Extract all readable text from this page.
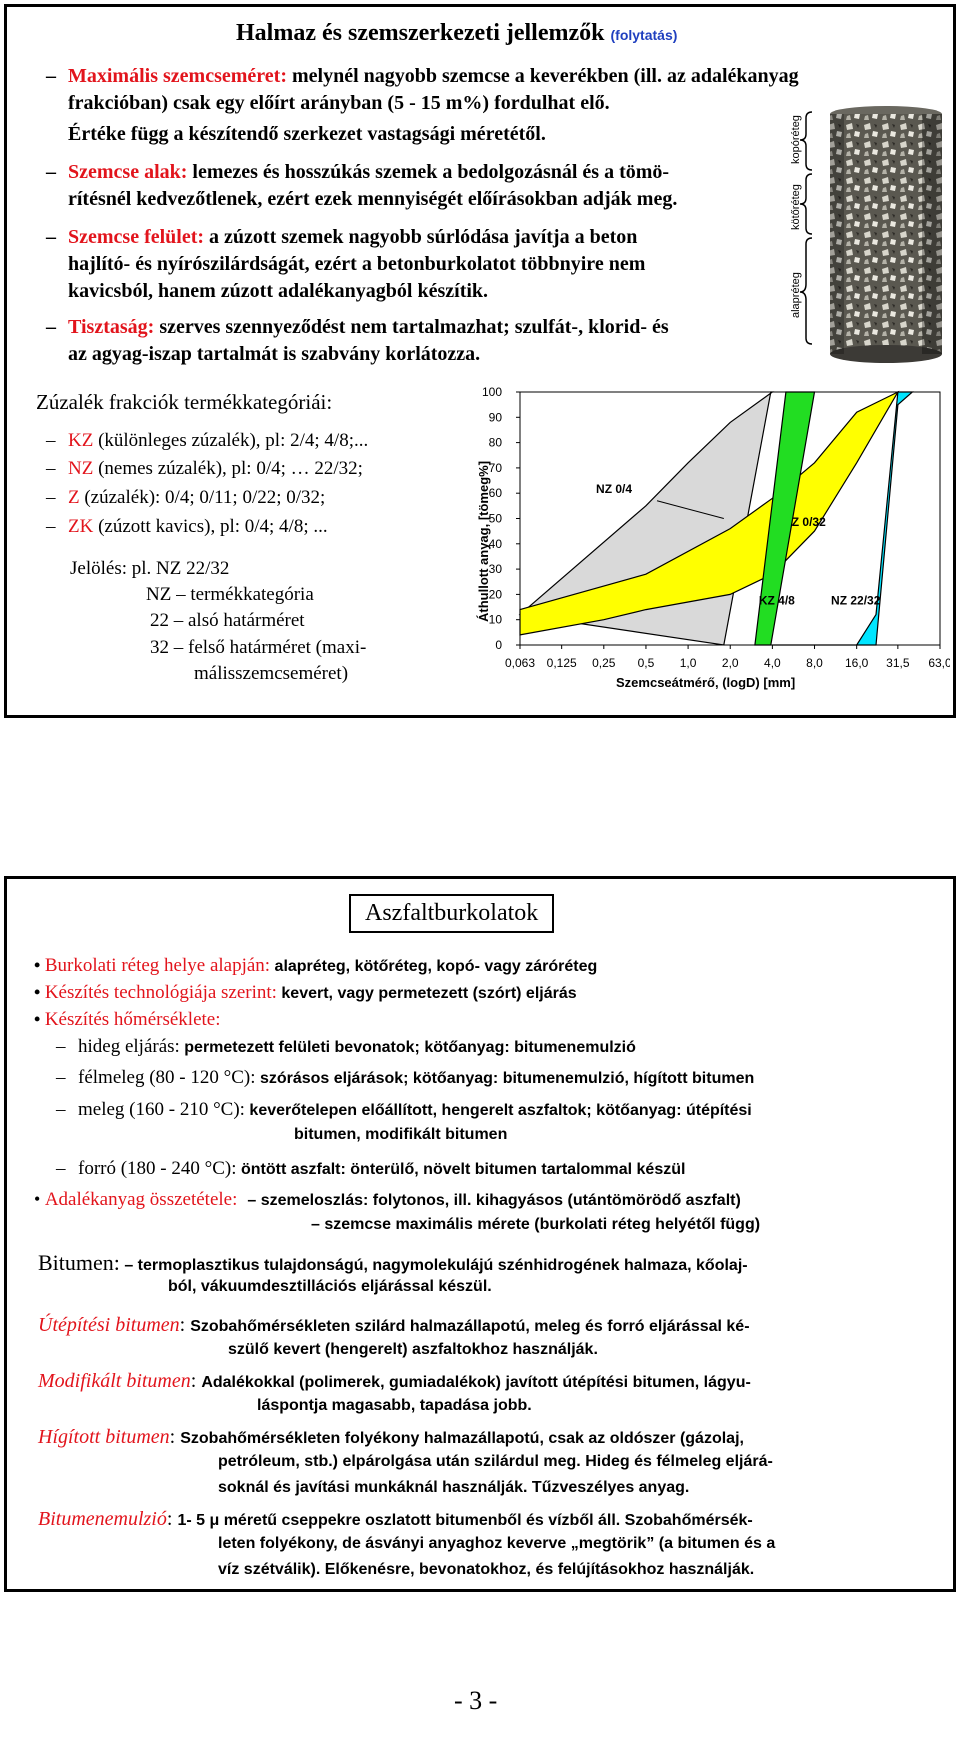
Halmaz és szemszerkezeti jellemzők (folytatás)
– Maximális szemcseméret: melynél nagyobb szemcse a keverékben (ill. az adalékanyag
frakcióban) csak egy előírt arányban (5 - 15 m%) fordulhat elő.
Értéke függ a készítendő szerkezet vastagsági méretétől.
– Szemcse alak: lemezes és hosszúkás szemek a bedolgozásnál és a tömö-
rítésnél kedvezőtlenek, ezért ezek mennyiségét előírásokban adják meg.
– Szemcse felület: a zúzott szemek nagyobb súrlódása javítja a beton
hajlító- és nyírószilárdságát, ezért a betonburkolatot többnyire nem
kavicsból, hanem zúzott adalékanyagból készítik.
– Tisztaság: szerves szennyeződést nem tartalmazhat; szulfát-, klorid- és
az agyag-iszap tartalmát is szabvány korlátozza.
kopóréteg
kötőréteg
alapréteg
Zúzalék frakciók termékkategóriái:
– KZ (különleges zúzalék), pl: 2/4; 4/8;...
– NZ (nemes zúzalék), pl: 0/4; … 22/32;
– Z (zúzalék): 0/4; 0/11; 0/22; 0/32;
– ZK (zúzott kavics), pl: 0/4; 4/8; ...
Jelölés: pl. NZ 22/32
NZ – termékkategória
22 – alsó határméret
32 – felső határméret (maxi-
málisszemcseméret)
0
10
20
30
40
50
60
70
80
90
100
0,063 0,125 0,25 0,5 1,0 2,0 4,0 8,0 16,0 31,5 63,0
NZ 0/4
Z 0/32
KZ 4/8	NZ 22/32
Áthullott anyag, [tömeg%]
Szemcseátmérő, (logD) [mm]
Aszfaltburkolatok
• Burkolati réteg helye alapján: alapréteg, kötőréteg, kopó- vagy záróréteg
• Készítés technológiája szerint: kevert, vagy permetezett (szórt) eljárás
• Készítés hőmérséklete:
– hideg eljárás: permetezett felületi bevonatok; kötőanyag: bitumenemulzió
– félmeleg (80 - 120 °C): szórásos eljárások; kötőanyag: bitumenemulzió, hígított bitumen
– meleg (160 - 210 °C): keverőtelepen előállított, hengerelt aszfaltok; kötőanyag: útépítési
bitumen, modifikált bitumen
– forró (180 - 240 °C): öntött aszfalt: önterülő, növelt bitumen tartalommal készül
• Adalékanyag összetétele: – szemeloszlás: folytonos, ill. kihagyásos (utántömörödő aszfalt)
– szemcse maximális mérete (burkolati réteg helyétől függ)
Bitumen: – termoplasztikus tulajdonságú, nagymolekulájú szénhidrogének halmaza, kőolaj-
ból, vákuumdesztillációs eljárással készül.
Útépítési bitumen: Szobahőmérsékleten szilárd halmazállapotú, meleg és forró eljárással ké-
szülő kevert (hengerelt) aszfaltokhoz használják.
Modifikált bitumen: Adalékokkal (polimerek, gumiadalékok) javított útépítési bitumen, lágyu-
láspontja magasabb, tapadása jobb.
Hígított bitumen: Szobahőmérsékleten folyékony halmazállapotú, csak az oldószer (gázolaj,
petróleum, stb.) elpárolgása után szilárdul meg. Hideg és félmeleg eljárá-
soknál és javítási munkáknál használják. Tűzveszélyes anyag.
Bitumenemulzió: 1- 5 μ méretű cseppekre oszlatott bitumenből és vízből áll. Szobahőmérsék-
leten folyékony, de ásványi anyaghoz keverve „megtörik” (a bitumen és a
víz szétválik). Előkenésre, bevonatokhoz, és felújításokhoz használják.
- 3 -
